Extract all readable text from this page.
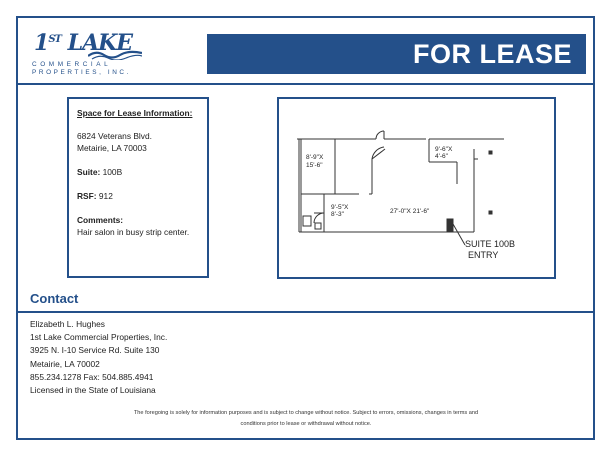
1ST LAKE
COMMERCIAL
PROPERTIES, INC.
FOR LEASE
Space for Lease Information:
6824 Veterans Blvd.
Metairie, LA 70003
Suite: 100B
RSF: 912
Comments:
Hair salon in busy strip center.
8'-9"X
15'-6"
9'-6"X
4'-6"
9'-5"X
8'-3"	27'-0"X 21'-6"
SUITE 100B
ENTRY
Contact
Elizabeth L. Hughes
1st Lake Commercial Properties, Inc.
3925 N. I-10 Service Rd. Suite 130
Metairie, LA 70002
855.234.1278 Fax: 504.885.4941
Licensed in the State of Louisiana
The foregoing is solely for information purposes and is subject to change without notice. Subject to errors, omissions, changes in terms and
conditions prior to lease or withdrawal without notice.
